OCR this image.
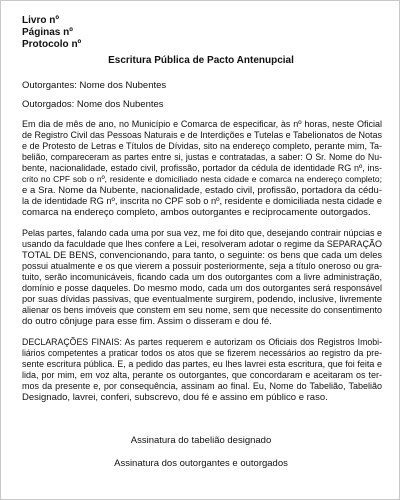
Livro nº
Páginas nº
Protocolo nº
Escritura Pública de Pacto Antenupcial
Outorgantes: Nome dos Nubentes
Outorgados: Nome dos Nubentes
Em dia de mês de ano, no Município e Comarca de especificar, às nº horas, neste Oficial
de Registro Civil das Pessoas Naturais e de Interdições e Tutelas e Tabelionatos de Notas
e de Protesto de Letras e Títulos de Dívidas, sito na endereço completo, perante mim, Ta-
belião, compareceram as partes entre si, justas e contratadas, a saber: O Sr. Nome do Nu-
bente, nacionalidade, estado civil, profissão, portador da cédula de identidade RG nº, ins-
crito no CPF sob o nº, residente e domiciliado nesta cidade e comarca na endereço completo;
e a Sra. Nome da Nubente, nacionalidade, estado civil, profissão, portadora da cédu-
la de identidade RG nº, inscrita no CPF sob o nº, residente e domiciliada nesta cidade e
comarca na endereço completo, ambos outorgantes e reciprocamente outorgados.
Pelas partes, falando cada uma por sua vez, me foi dito que, desejando contrair núpcias e
usando da faculdade que lhes confere a Lei, resolveram adotar o regime da SEPARAÇÃO
TOTAL DE BENS, convencionando, para tanto, o seguinte: os bens que cada um deles
possui atualmente e os que vierem a possuir posteriormente, seja a título oneroso ou gra-
tuito, serão incomunicáveis, ficando cada um dos outorgantes com a livre administração,
domínio e posse daqueles. Do mesmo modo, cada um dos outorgantes será responsável
por suas dívidas passivas, que eventualmente surgirem, podendo, inclusive, livremente
alienar os bens imóveis que constem em seu nome, sem que necessite do consentimento
do outro cônjuge para esse fim. Assim o disseram e dou fé.
DECLARAÇÕES FINAIS: As partes requerem e autorizam os Oficiais dos Registros Imobi-
liários competentes a praticar todos os atos que se fizerem necessários ao registro da pre-
sente escritura pública. E, a pedido das partes, eu lhes lavrei esta escritura, que foi feita e
lida, por mim, em voz alta, perante os outorgantes, que concordaram e aceitaram os ter-
mos da presente e, por consequência, assinam ao final. Eu, Nome do Tabelião, Tabelião
Designado, lavrei, conferi, subscrevo, dou fé e assino em público e raso.
Assinatura do tabelião designado
Assinatura dos outorgantes e outorgados
